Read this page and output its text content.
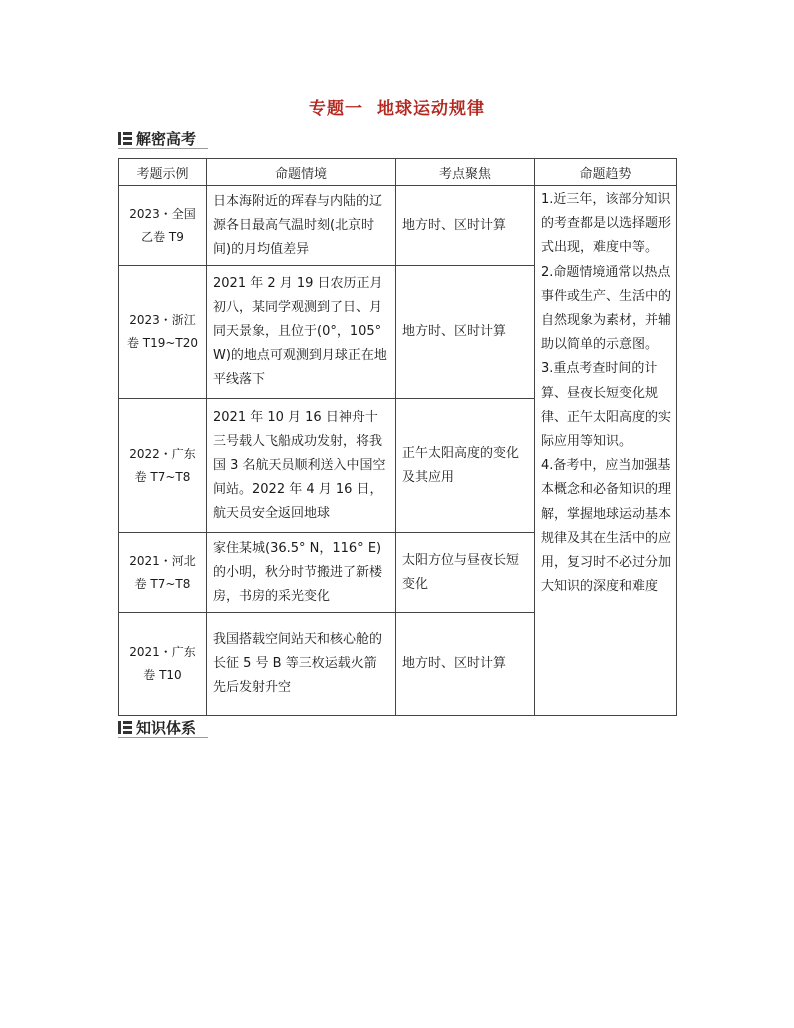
专题一 地球运动规律
解密高考
考题示例	命题情境	考点聚焦	命题趋势
2023・全国
乙卷 T9	日本海附近的珲春与内陆的辽源各日最高气温时刻(北京时间)的月均值差异	地方时、区时计算	1.近三年，该部分知识的考查都是以选择题形式出现，难度中等。
2.命题情境通常以热点事件或生产、生活中的自然现象为素材，并辅助以简单的示意图。
3.重点考查时间的计算、昼夜长短变化规律、正午太阳高度的实际应用等知识。
4.备考中，应当加强基本概念和必备知识的理解，掌握地球运动基本规律及其在生活中的应用，复习时不必过分加大知识的深度和难度

2023・浙江
卷 T19~T20	2021 年 2 月 19 日农历正月初八，某同学观测到了日、月同天景象，且位于(0°，105° W)的地点可观测到月球正在地平线落下	地方时、区时计算	
2022・广东
卷 T7~T8	2021 年 10 月 16 日神舟十三号载人飞船成功发射，将我国 3 名航天员顺利送入中国空间站。2022 年 4 月 16 日，航天员安全返回地球	正午太阳高度的变化及其应用	
2021・河北
卷 T7~T8	家住某城(36.5° N，116° E)的小明，秋分时节搬进了新楼房，书房的采光变化	太阳方位与昼夜长短变化	
2021・广东
卷 T10	我国搭载空间站天和核心舱的长征 5 号 B 等三枚运载火箭先后发射升空	地方时、区时计算	
知识体系
